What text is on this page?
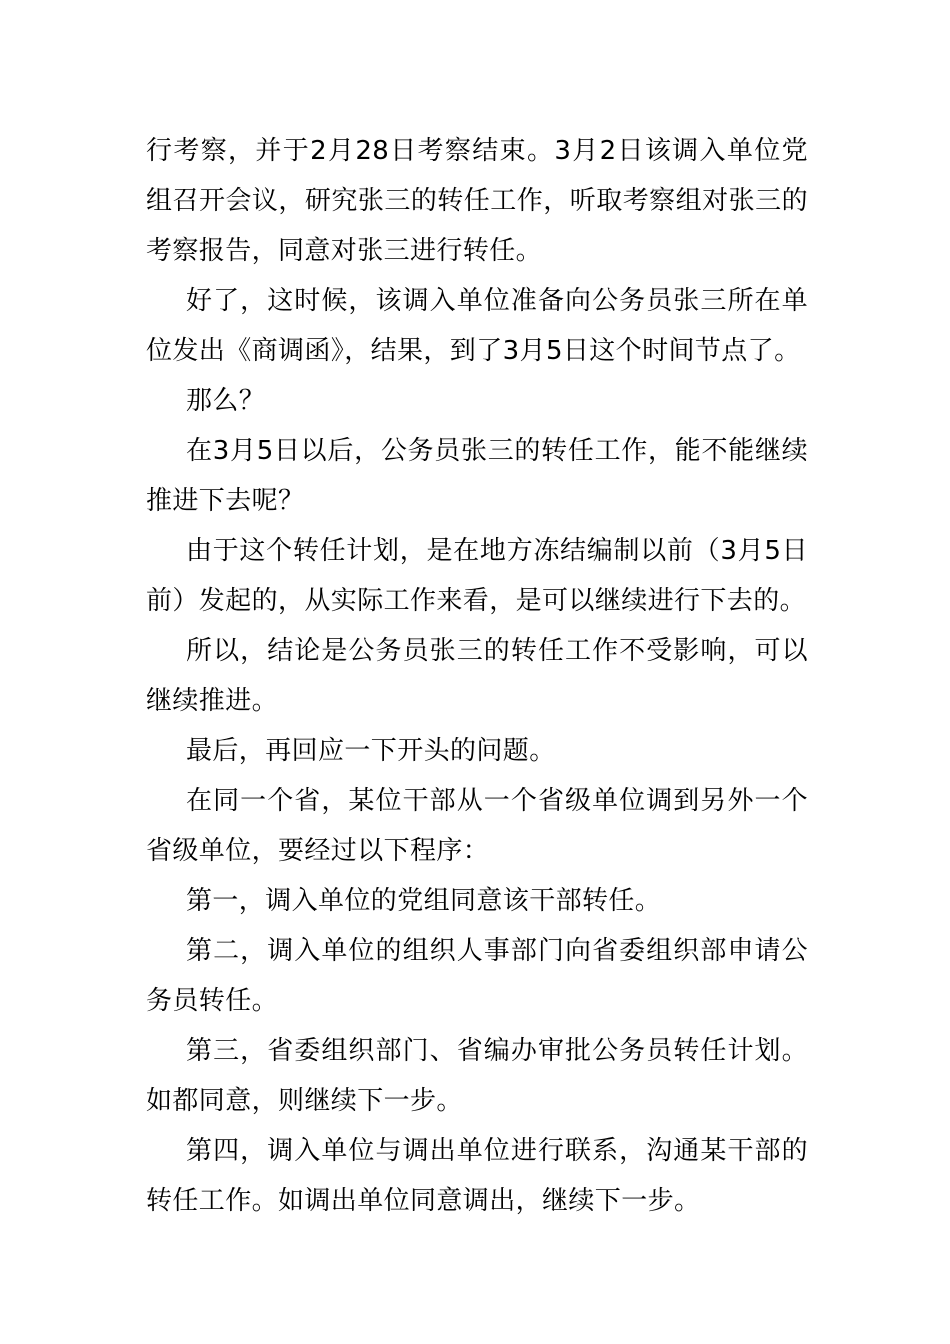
行考察，并于2月28日考察结束。3月2日该调入单位党组召开会议，研究张三的转任工作，听取考察组对张三的考察报告，同意对张三进行转任。

好了，这时候，该调入单位准备向公务员张三所在单位发出《商调函》，结果，到了3月5日这个时间节点了。

那么？

在3月5日以后，公务员张三的转任工作，能不能继续推进下去呢？

由于这个转任计划，是在地方冻结编制以前（3月5日前）发起的，从实际工作来看，是可以继续进行下去的。

所以，结论是公务员张三的转任工作不受影响，可以继续推进。

最后，再回应一下开头的问题。

在同一个省，某位干部从一个省级单位调到另外一个省级单位，要经过以下程序：

第一，调入单位的党组同意该干部转任。

第二，调入单位的组织人事部门向省委组织部申请公务员转任。

第三，省委组织部门、省编办审批公务员转任计划。如都同意，则继续下一步。

第四，调入单位与调出单位进行联系，沟通某干部的转任工作。如调出单位同意调出，继续下一步。
